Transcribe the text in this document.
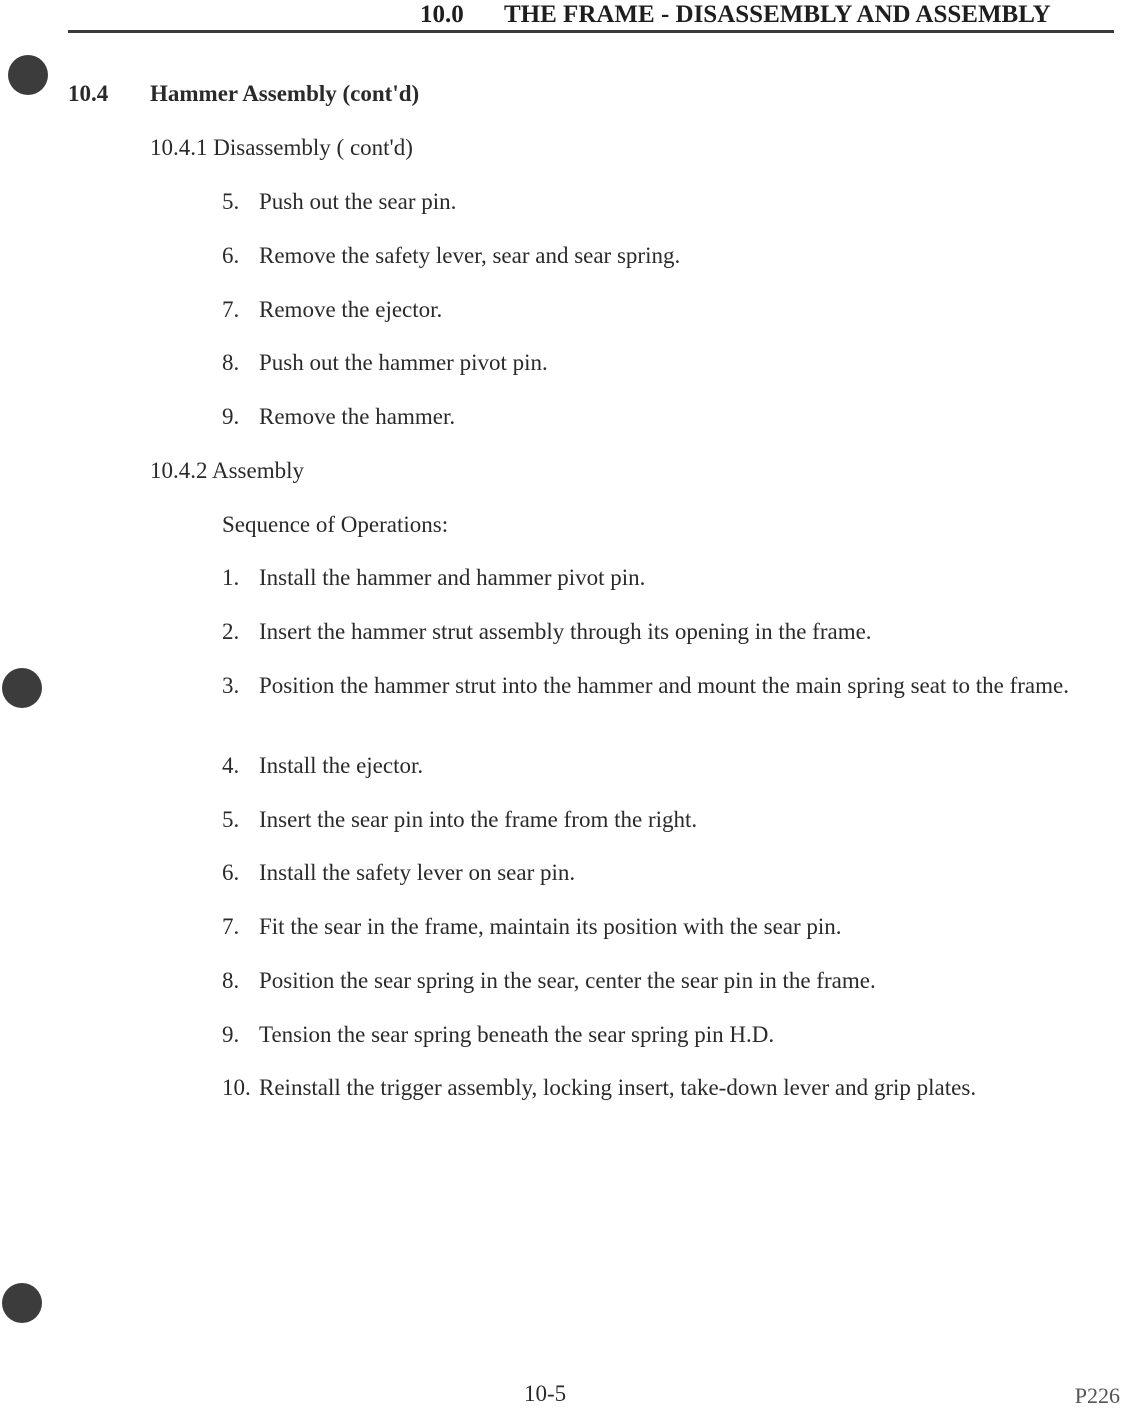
10.0 THE FRAME - DISASSEMBLY AND ASSEMBLY
10.4 Hammer Assembly (cont'd)
10.4.1 Disassembly ( cont'd)
5. Push out the sear pin.
6. Remove the safety lever, sear and sear spring.
7. Remove the ejector.
8. Push out the hammer pivot pin.
9. Remove the hammer.
10.4.2 Assembly
Sequence of Operations:
1. Install the hammer and hammer pivot pin.
2. Insert the hammer strut assembly through its opening in the frame.
3. Position the hammer strut into the hammer and mount the main spring seat to the frame.
4. Install the ejector.
5. Insert the sear pin into the frame from the right.
6. Install the safety lever on sear pin.
7. Fit the sear in the frame, maintain its position with the sear pin.
8. Position the sear spring in the sear, center the sear pin in the frame.
9. Tension the sear spring beneath the sear spring pin H.D.
10. Reinstall the trigger assembly, locking insert, take-down lever and grip plates.
10-5	P226
